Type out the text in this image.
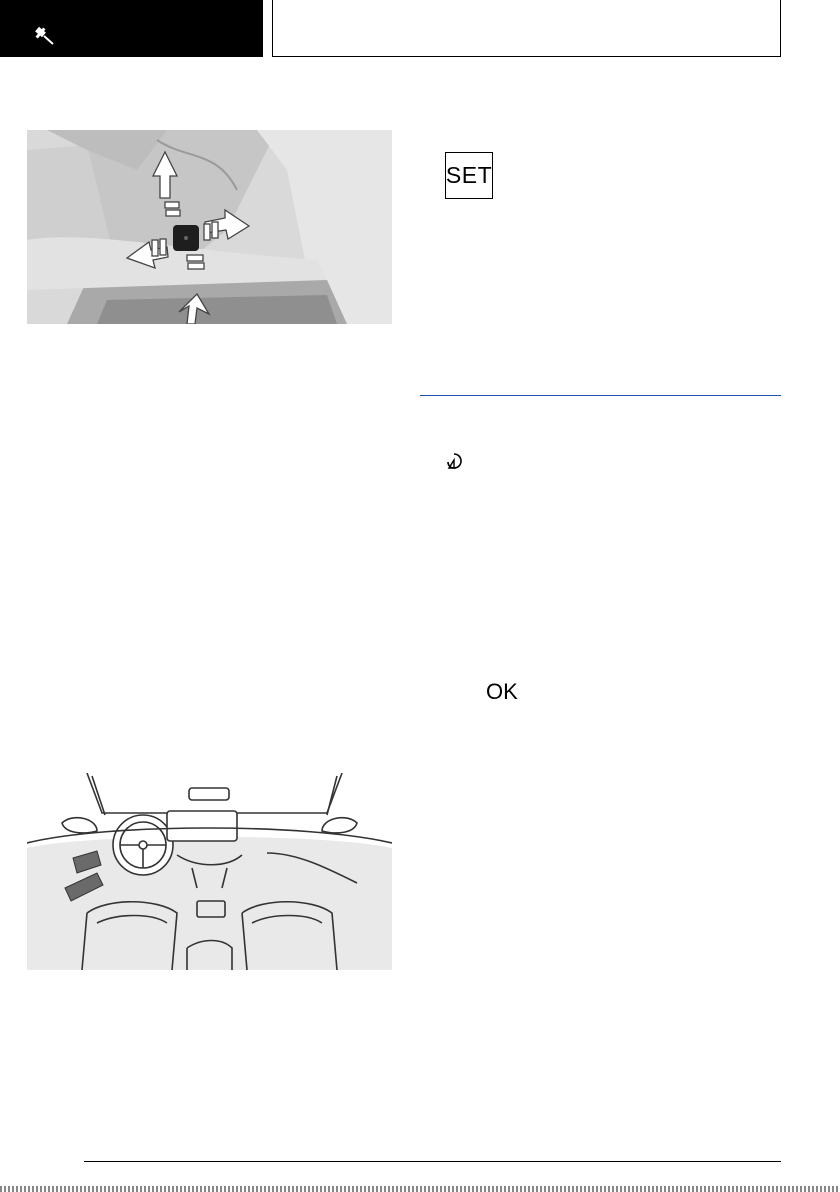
SET
OK
